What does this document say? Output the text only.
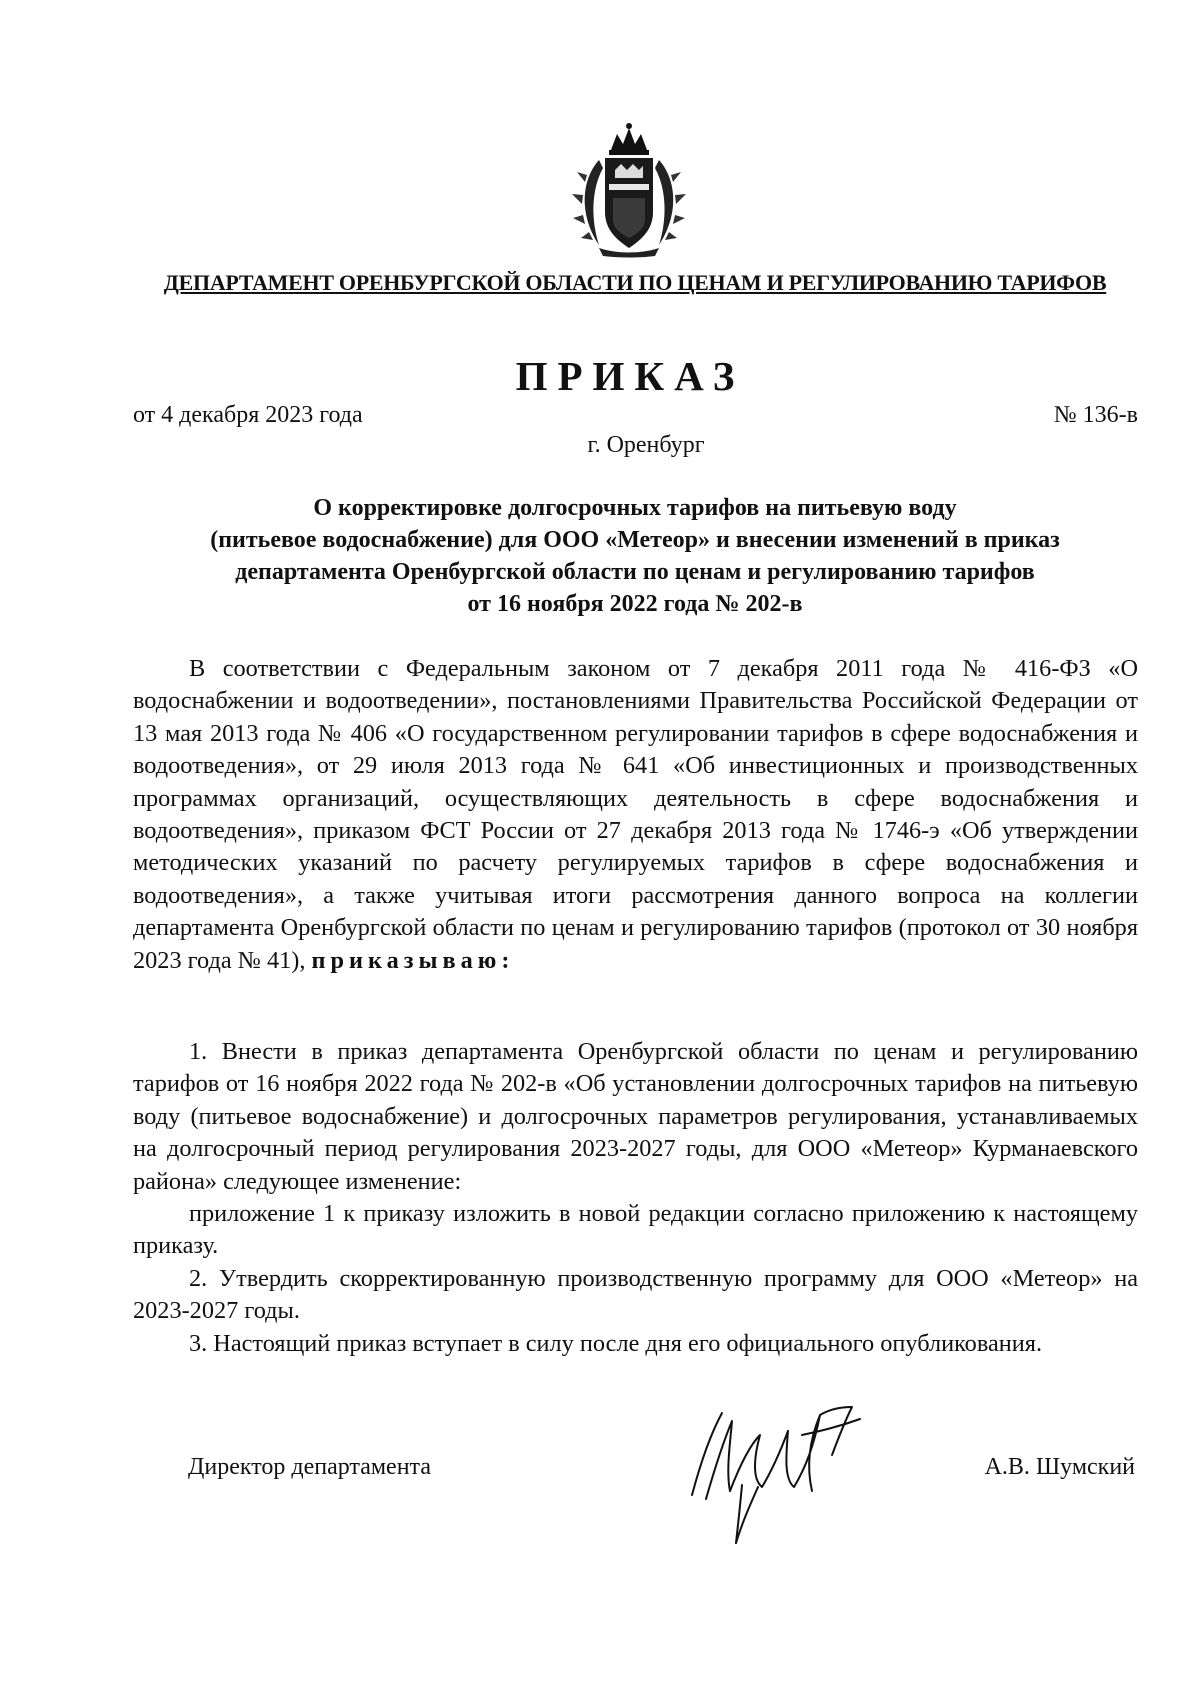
ДЕПАРТАМЕНТ ОРЕНБУРГСКОЙ ОБЛАСТИ ПО ЦЕНАМ И РЕГУЛИРОВАНИЮ ТАРИФОВ
ПРИКАЗ
от 4 декабря 2023 года	№ 136-в
г. Оренбург
О корректировке долгосрочных тарифов на питьевую воду
(питьевое водоснабжение) для ООО «Метеор» и внесении изменений в приказ
департамента Оренбургской области по ценам и регулированию тарифов
от 16 ноября 2022 года № 202-в

В соответствии с Федеральным законом от 7 декабря 2011 года № 416-ФЗ «О водоснабжении и водоотведении», постановлениями Правительства Российской Федерации от 13 мая 2013 года № 406 «О государственном регулировании тарифов в сфере водоснабжения и водоотведения», от 29 июля 2013 года № 641 «Об инвестиционных и производственных программах организаций, осуществляющих деятельность в сфере водоснабжения и водоотведения», приказом ФСТ России от 27 декабря 2013 года № 1746-э «Об утверждении методических указаний по расчету регулируемых тарифов в сфере водоснабжения и водоотведения», а также учитывая итоги рассмотрения данного вопроса на коллегии департамента Оренбургской области по ценам и регулированию тарифов (протокол от 30 ноября 2023 года № 41), приказываю:

1. Внести в приказ департамента Оренбургской области по ценам и регулированию тарифов от 16 ноября 2022 года № 202-в «Об установлении долгосрочных тарифов на питьевую воду (питьевое водоснабжение) и долгосрочных параметров регулирования, устанавливаемых на долгосрочный период регулирования 2023-2027 годы, для ООО «Метеор» Курманаевского района» следующее изменение:

приложение 1 к приказу изложить в новой редакции согласно приложению к настоящему приказу.

2. Утвердить скорректированную производственную программу для ООО «Метеор» на 2023-2027 годы.

3. Настоящий приказ вступает в силу после дня его официального опубликования.

Директор департамента	А.В. Шумский
